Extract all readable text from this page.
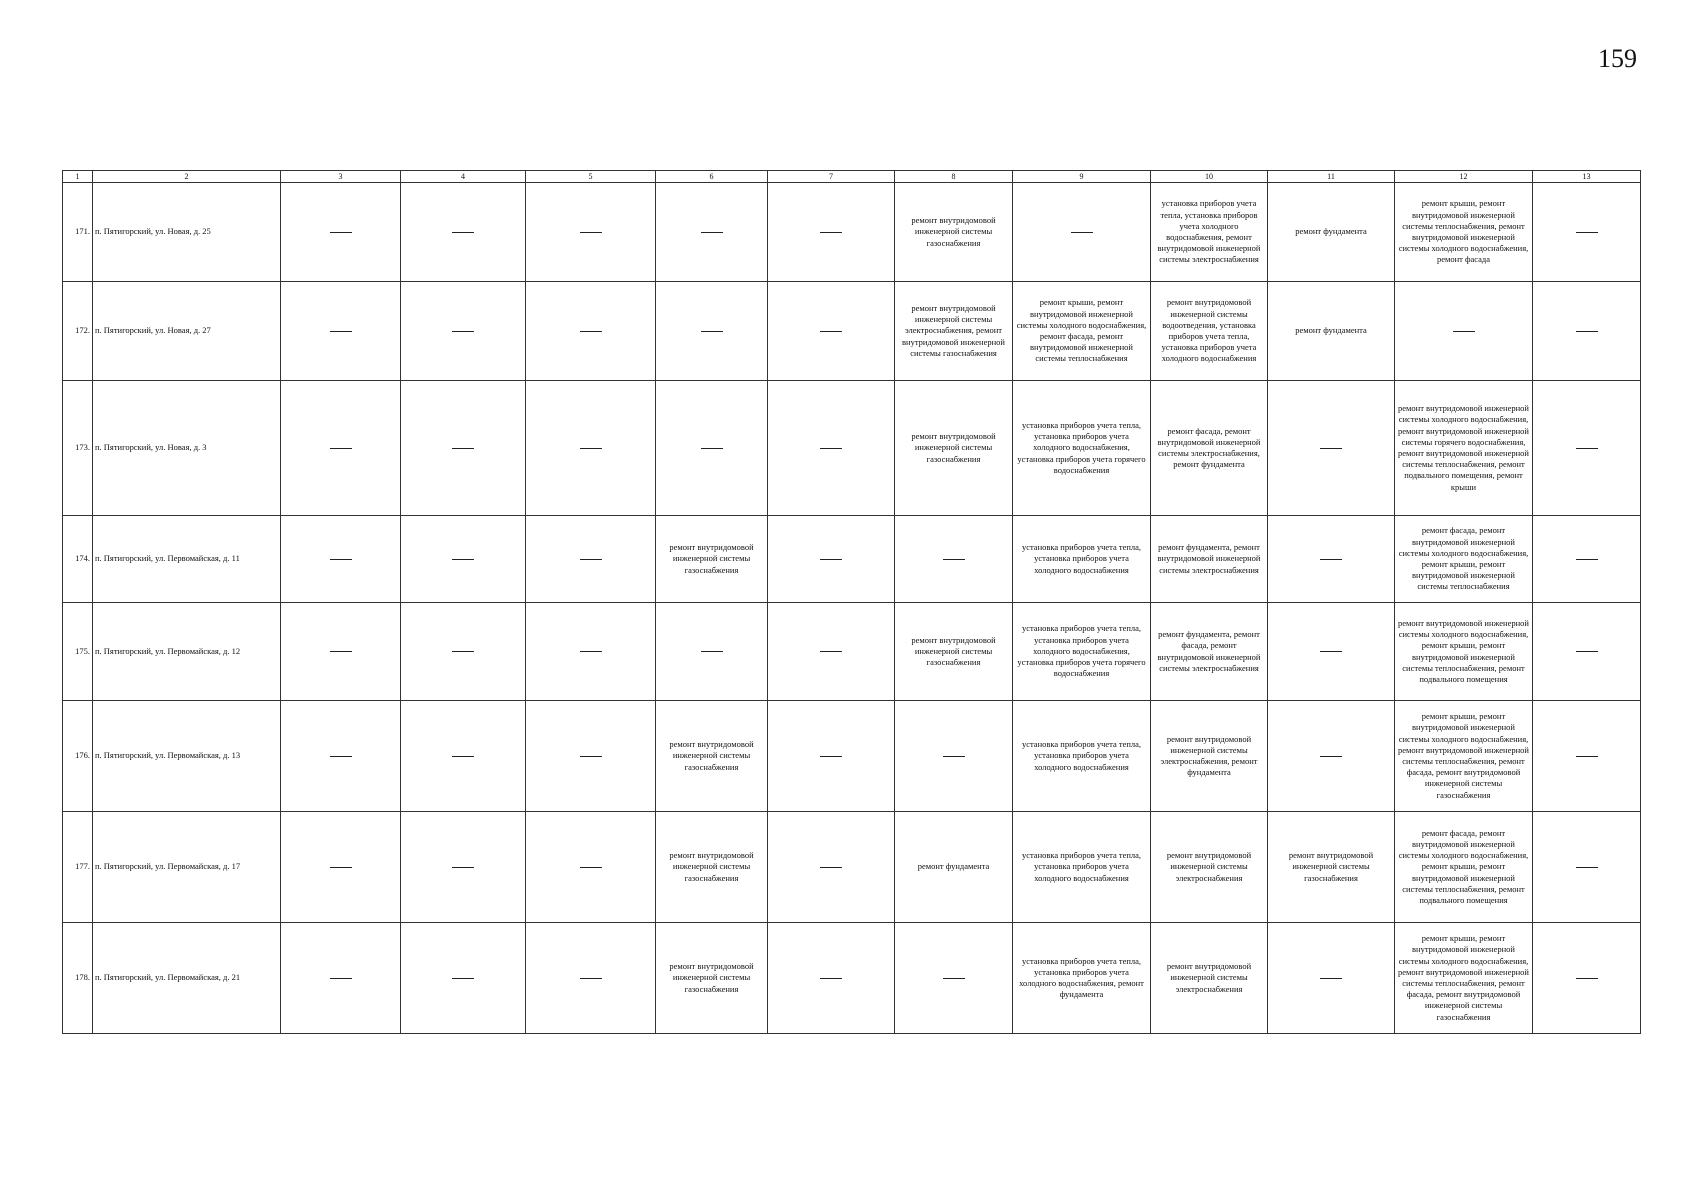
159
1	2	3	4	5	6	7	8	9	10	11	12	13
171.	п. Пятигорский, ул. Новая, д. 25						ремонт внутридомовой инженерной системы газоснабжения		установка приборов учета тепла, установка приборов учета холодного водоснабжения, ремонт внутридомовой инженерной системы электроснабжения	ремонт фундамента	ремонт крыши, ремонт внутридомовой инженерной системы теплоснабжения, ремонт внутридомовой инженерной системы холодного водоснабжения, ремонт фасада	
172.	п. Пятигорский, ул. Новая, д. 27						ремонт внутридомовой инженерной системы электроснабжения, ремонт внутридомовой инженерной системы газоснабжения	ремонт крыши, ремонт внутридомовой инженерной системы холодного водоснабжения, ремонт фасада, ремонт внутридомовой инженерной системы теплоснабжения	ремонт внутридомовой инженерной системы водоотведения, установка приборов учета тепла, установка приборов учета холодного водоснабжения	ремонт фундамента		
173.	п. Пятигорский, ул. Новая, д. 3						ремонт внутридомовой инженерной системы газоснабжения	установка приборов учета тепла, установка приборов учета холодного водоснабжения, установка приборов учета горячего водоснабжения	ремонт фасада, ремонт внутридомовой инженерной системы электроснабжения, ремонт фундамента		ремонт внутридомовой инженерной системы холодного водоснабжения, ремонт внутридомовой инженерной системы горячего водоснабжения, ремонт внутридомовой инженерной системы теплоснабжения, ремонт подвального помещения, ремонт крыши	
174.	п. Пятигорский, ул. Первомайская, д. 11				ремонт внутридомовой инженерной системы газоснабжения			установка приборов учета тепла, установка приборов учета холодного водоснабжения	ремонт фундамента, ремонт внутридомовой инженерной системы электроснабжения		ремонт фасада, ремонт внутридомовой инженерной системы холодного водоснабжения, ремонт крыши, ремонт внутридомовой инженерной системы теплоснабжения	
175.	п. Пятигорский, ул. Первомайская, д. 12						ремонт внутридомовой инженерной системы газоснабжения	установка приборов учета тепла, установка приборов учета холодного водоснабжения, установка приборов учета горячего водоснабжения	ремонт фундамента, ремонт фасада, ремонт внутридомовой инженерной системы электроснабжения		ремонт внутридомовой инженерной системы холодного водоснабжения, ремонт крыши, ремонт внутридомовой инженерной системы теплоснабжения, ремонт подвального помещения	
176.	п. Пятигорский, ул. Первомайская, д. 13				ремонт внутридомовой инженерной системы газоснабжения			установка приборов учета тепла, установка приборов учета холодного водоснабжения	ремонт внутридомовой инженерной системы электроснабжения, ремонт фундамента		ремонт крыши, ремонт внутридомовой инженерной системы холодного водоснабжения, ремонт внутридомовой инженерной системы теплоснабжения, ремонт фасада, ремонт внутридомовой инженерной системы газоснабжения	
177.	п. Пятигорский, ул. Первомайская, д. 17				ремонт внутридомовой инженерной системы газоснабжения		ремонт фундамента	установка приборов учета тепла, установка приборов учета холодного водоснабжения	ремонт внутридомовой инженерной системы электроснабжения	ремонт внутридомовой инженерной системы газоснабжения	ремонт фасада, ремонт внутридомовой инженерной системы холодного водоснабжения, ремонт крыши, ремонт внутридомовой инженерной системы теплоснабжения, ремонт подвального помещения	
178.	п. Пятигорский, ул. Первомайская, д. 21				ремонт внутридомовой инженерной системы газоснабжения			установка приборов учета тепла, установка приборов учета холодного водоснабжения, ремонт фундамента	ремонт внутридомовой инженерной системы электроснабжения		ремонт крыши, ремонт внутридомовой инженерной системы холодного водоснабжения, ремонт внутридомовой инженерной системы теплоснабжения, ремонт фасада, ремонт внутридомовой инженерной системы газоснабжения	
